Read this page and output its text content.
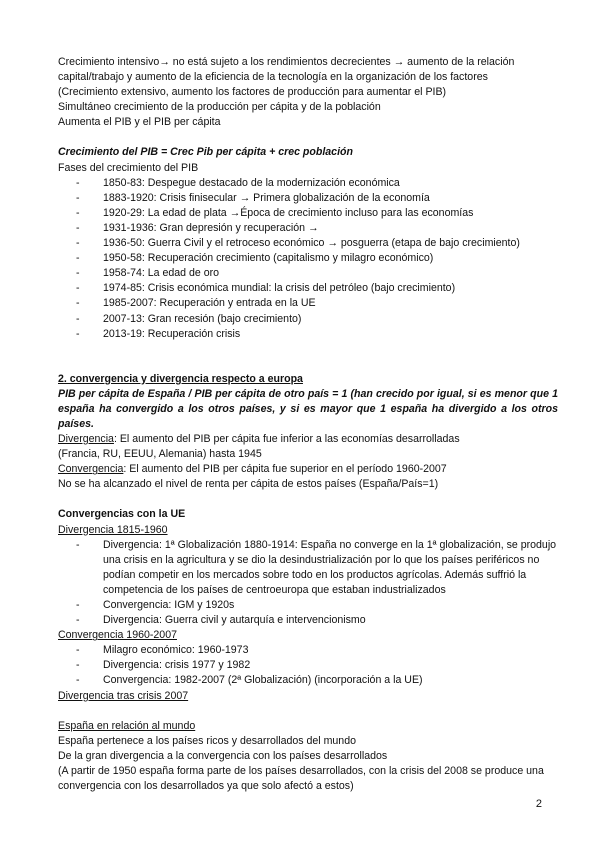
Crecimiento intensivo→ no está sujeto a los rendimientos decrecientes → aumento de la relación
capital/trabajo y aumento de la eficiencia de la tecnología en la organización de los factores
(Crecimiento extensivo, aumento los factores de producción para aumentar el PIB)
Simultáneo crecimiento de la producción per cápita y de la población
Aumenta el PIB y el PIB per cápita
Crecimiento del PIB = Crec Pib per cápita + crec población
Fases del crecimiento del PIB
- 1850-83: Despegue destacado de la modernización económica
- 1883-1920: Crisis finisecular → Primera globalización de la economía
- 1920-29: La edad de plata →Época de crecimiento incluso para las economías
- 1931-1936: Gran depresión y recuperación →
- 1936-50: Guerra Civil y el retroceso económico → posguerra (etapa de bajo crecimiento)
- 1950-58: Recuperación crecimiento (capitalismo y milagro económico)
- 1958-74: La edad de oro
- 1974-85: Crisis económica mundial: la crisis del petróleo (bajo crecimiento)
- 1985-2007: Recuperación y entrada en la UE
- 2007-13: Gran recesión (bajo crecimiento)
- 2013-19: Recuperación crisis
2. convergencia y divergencia respecto a europa
PIB per cápita de España / PIB per cápita de otro país = 1 (han crecido por igual, si es menor que 1 españa ha convergido a los otros países, y si es mayor que 1 españa ha divergido a los otros países.
Divergencia: El aumento del PIB per cápita fue inferior a las economías desarrolladas
(Francia, RU, EEUU, Alemania) hasta 1945
Convergencia: El aumento del PIB per cápita fue superior en el período 1960-2007
No se ha alcanzado el nivel de renta per cápita de estos países (España/País=1)
Convergencias con la UE
Divergencia 1815-1960
- Divergencia: 1ª Globalización 1880-1914: España no converge en la 1ª globalización, se produjo una crisis en la agricultura y se dio la desindustrialización por lo que los países periféricos no podían competir en los mercados sobre todo en los productos agrícolas. Además suffrió la competencia de los países de centroeuropa que estaban industrializados
- Convergencia: IGM y 1920s
- Divergencia: Guerra civil y autarquía e intervencionismo
Convergencia 1960-2007
- Milagro económico: 1960-1973
- Divergencia: crisis 1977 y 1982
- Convergencia: 1982-2007 (2ª Globalización) (incorporación a la UE)
Divergencia tras crisis 2007
España en relación al mundo
España pertenece a los países ricos y desarrollados del mundo
De la gran divergencia a la convergencia con los países desarrollados
(A partir de 1950 españa forma parte de los países desarrollados, con la crisis del 2008 se produce una convergencia con los desarrollados ya que solo afectó a estos)
2
